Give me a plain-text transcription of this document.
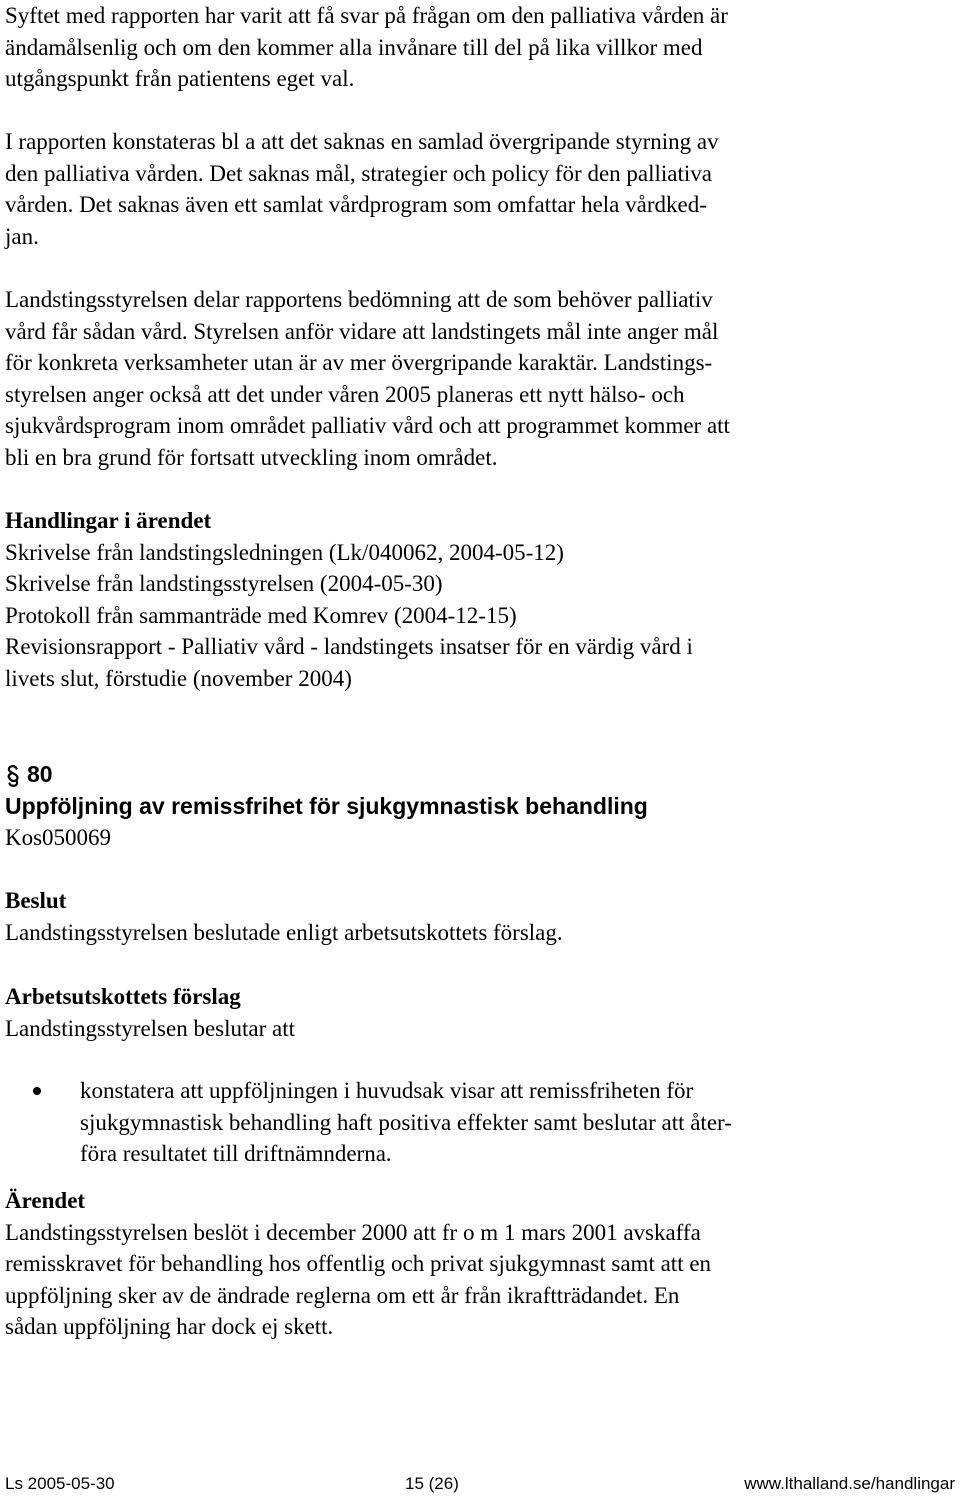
Syftet med rapporten har varit att få svar på frågan om den palliativa vården är
ändamålsenlig och om den kommer alla invånare till del på lika villkor med
utgångspunkt från patientens eget val.
I rapporten konstateras bl a att det saknas en samlad övergripande styrning av
den palliativa vården. Det saknas mål, strategier och policy för den palliativa
vården. Det saknas även ett samlat vårdprogram som omfattar hela vårdked-
jan.
Landstingsstyrelsen delar rapportens bedömning att de som behöver palliativ
vård får sådan vård. Styrelsen anför vidare att landstingets mål inte anger mål
för konkreta verksamheter utan är av mer övergripande karaktär. Landstings-
styrelsen anger också att det under våren 2005 planeras ett nytt hälso- och
sjukvårdsprogram inom området palliativ vård och att programmet kommer att
bli en bra grund för fortsatt utveckling inom området.
Handlingar i ärendet
Skrivelse från landstingsledningen (Lk/040062, 2004-05-12)
Skrivelse från landstingsstyrelsen (2004-05-30)
Protokoll från sammanträde med Komrev (2004-12-15)
Revisionsrapport - Palliativ vård - landstingets insatser för en värdig vård i
livets slut, förstudie (november 2004)
80
Uppföljning av remissfrihet för sjukgymnastisk behandling
Kos050069
Beslut
Landstingsstyrelsen beslutade enligt arbetsutskottets förslag.
Arbetsutskottets förslag
Landstingsstyrelsen beslutar att
konstatera att uppföljningen i huvudsak visar att remissfriheten för
sjukgymnastisk behandling haft positiva effekter samt beslutar att åter-
föra resultatet till driftnämnderna.
Ärendet
Landstingsstyrelsen beslöt i december 2000 att fr o m 1 mars 2001 avskaffa
remisskravet för behandling hos offentlig och privat sjukgymnast samt att en
uppföljning sker av de ändrade reglerna om ett år från ikraftträdandet. En
sådan uppföljning har dock ej skett.
Ls 2005-05-30	15 (26)	www.lthalland.se/handlingar
